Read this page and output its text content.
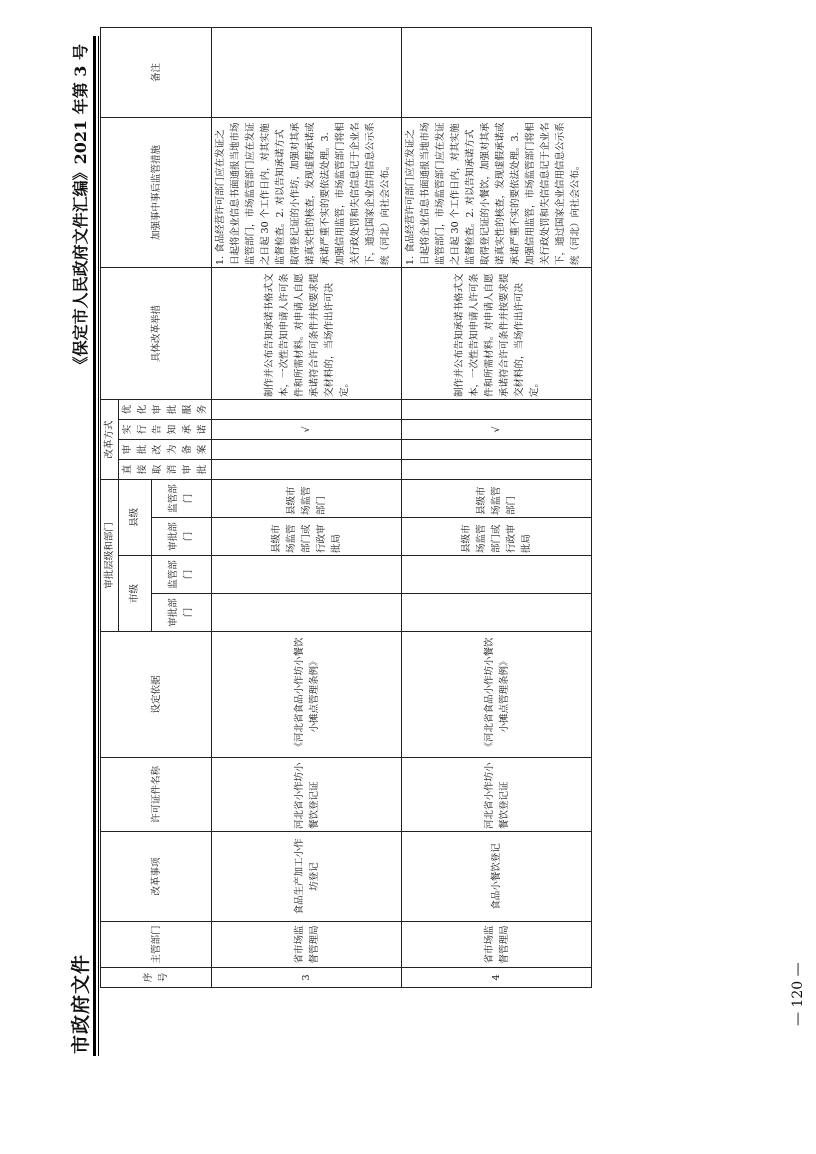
市政府文件
《保定市人民政府文件汇编》2021 年第 3 号
序号	主管部门	改革事项	许可证件名称	设定依据	审批层级和部门				改革方式				具体改革举措	加强事中事后监管措施	备注
					市级		县级		直接取消审批	审批改为备案	实行告知承诺	优化审批服务			
					审批部门	监管部门	审批部门	监管部门							
3	省市场监督管理局	食品生产加工小作坊登记	河北省小作坊小餐饮登记证	《河北省食品小作坊小餐饮小摊点管理条例》			县级市场监管部门或行政审批局	县级市场监管部门			√		制作并公布告知承诺书格式文本，一次性告知申请人许可条件和所需材料。对申请人自愿承诺符合许可条件并按要求提交材料的，当场作出许可决定。	1. 食品经营许可部门应在发证之日起将企业信息书面通报当地市场监管部门，市场监管部门应在发证之日起 30 个工作日内，对其实施监督检查。2. 对以告知承诺方式取得登记证的小作坊，加强对其承诺真实性的核查，发现虚假承诺或承诺严重不实的要依法处理。3. 加强信用监管，市场监管部门将相关行政处罚和失信信息记于企业名下，通过国家企业信用信息公示系统（河北）向社会公布。	
4	省市场监督管理局	食品小餐饮登记	河北省小作坊小餐饮登记证	《河北省食品小作坊小餐饮小摊点管理条例》			县级市场监管部门或行政审批局	县级市场监管部门			√		制作并公布告知承诺书格式文本，一次性告知申请人许可条件和所需材料。对申请人自愿承诺符合许可条件并按要求提交材料的，当场作出许可决定。	1. 食品经营许可部门应在发证之日起将企业信息书面通报当地市场监管部门，市场监管部门应在发证之日起 30 个工作日内，对其实施监督检查。2. 对以告知承诺方式取得登记证的小餐饮，加强对其承诺真实性的核查，发现虚假承诺或承诺严重不实的要依法处理。3. 加强信用监管，市场监管部门将相关行政处罚和失信信息记于企业名下，通过国家企业信用信息公示系统（河北）向社会公布。	
— 120 —
